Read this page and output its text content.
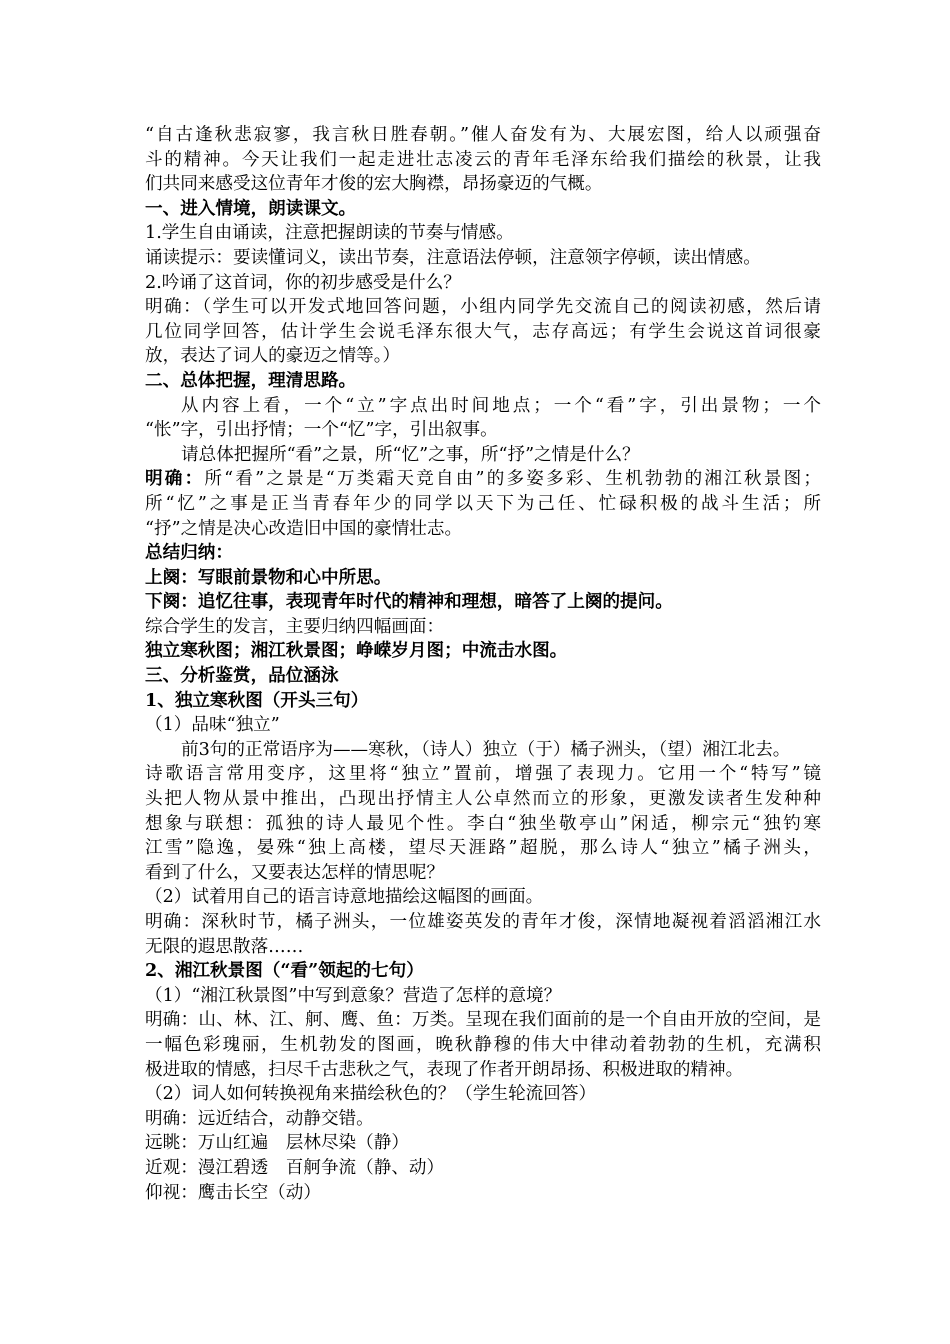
“自古逢秋悲寂寥，我言秋日胜春朝。”催人奋发有为、大展宏图，给人以顽强奋
斗的精神。今天让我们一起走进壮志凌云的青年毛泽东给我们描绘的秋景，让我
们共同来感受这位青年才俊的宏大胸襟，昂扬豪迈的气概。
一、进入情境，朗读课文。
1.学生自由诵读，注意把握朗读的节奏与情感。
诵读提示：要读懂词义，读出节奏，注意语法停顿，注意领字停顿，读出情感。
2.吟诵了这首词，你的初步感受是什么？
明确：（学生可以开发式地回答问题，小组内同学先交流自己的阅读初感，然后请
几位同学回答，估计学生会说毛泽东很大气，志存高远；有学生会说这首词很豪
放，表达了词人的豪迈之情等。）
二、总体把握，理清思路。
从内容上看，一个“立”字点出时间地点；一个“看”字，引出景物；一个
“怅”字，引出抒情；一个“忆”字，引出叙事。
请总体把握所“看”之景，所“忆”之事，所“抒”之情是什么？
明确：所“看”之景是“万类霜天竞自由”的多姿多彩、生机勃勃的湘江秋景图；
所“忆”之事是正当青春年少的同学以天下为己任、忙碌积极的战斗生活；所
“抒”之情是决心改造旧中国的豪情壮志。
总结归纳：
上阕：写眼前景物和心中所思。
下阕：追忆往事，表现青年时代的精神和理想，暗答了上阕的提问。
综合学生的发言，主要归纳四幅画面：
独立寒秋图；湘江秋景图；峥嵘岁月图；中流击水图。
三、分析鉴赏，品位涵泳
1、独立寒秋图（开头三句）
（1）品味“独立”
前3句的正常语序为——寒秋，（诗人）独立（于）橘子洲头，（望）湘江北去。
诗歌语言常用变序，这里将“独立”置前，增强了表现力。它用一个“特写”镜
头把人物从景中推出，凸现出抒情主人公卓然而立的形象，更激发读者生发种种
想象与联想：孤独的诗人最见个性。李白“独坐敬亭山”闲适，柳宗元“独钓寒
江雪”隐逸，晏殊“独上高楼，望尽天涯路”超脱，那么诗人“独立”橘子洲头，
看到了什么，又要表达怎样的情思呢？
（2）试着用自己的语言诗意地描绘这幅图的画面。
明确：深秋时节，橘子洲头，一位雄姿英发的青年才俊，深情地凝视着滔滔湘江水
无限的遐思散落……
2、湘江秋景图（“看”领起的七句）
（1）“湘江秋景图”中写到意象？营造了怎样的意境？
明确：山、林、江、舸、鹰、鱼：万类。呈现在我们面前的是一个自由开放的空间，是
一幅色彩瑰丽，生机勃发的图画，晚秋静穆的伟大中律动着勃勃的生机，充满积
极进取的情感，扫尽千古悲秋之气，表现了作者开朗昂扬、积极进取的精神。
（2）词人如何转换视角来描绘秋色的？（学生轮流回答）
明确：远近结合，动静交错。
远眺：万山红遍　层林尽染（静）
近观：漫江碧透　百舸争流（静、动）
仰视：鹰击长空（动）
